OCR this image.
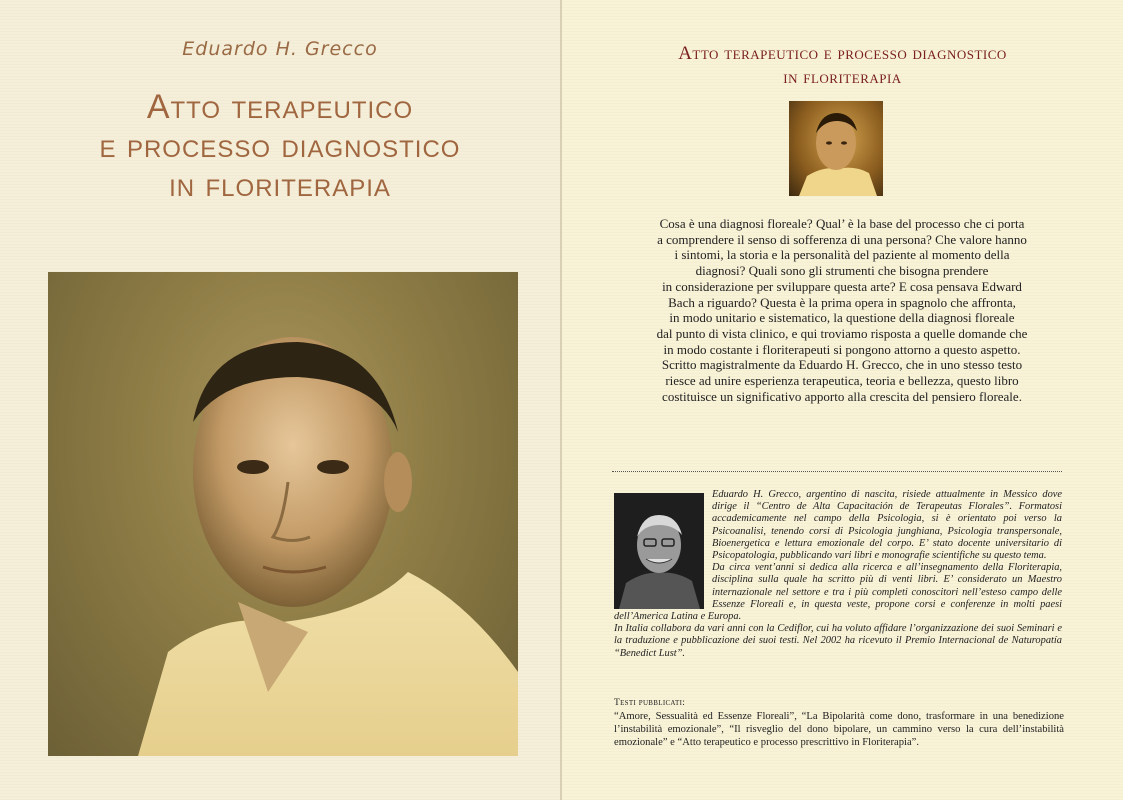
Eduardo H. Grecco
Atto terapeutico
e processo diagnostico
in floriterapia
Atto terapeutico e processo diagnostico
in floriterapia
Cosa è una diagnosi floreale? Qual’ è la base del processo che ci porta
a comprendere il senso di sofferenza di una persona? Che valore hanno
i sintomi, la storia e la personalità del paziente al momento della
diagnosi? Quali sono gli strumenti che bisogna prendere
in considerazione per sviluppare questa arte? E cosa pensava Edward
Bach a riguardo? Questa è la prima opera in spagnolo che affronta,
in modo unitario e sistematico, la questione della diagnosi floreale
dal punto di vista clinico, e qui troviamo risposta a quelle domande che
in modo costante i floriterapeuti si pongono attorno a questo aspetto.
Scritto magistralmente da Eduardo H. Grecco, che in uno stesso testo
riesce ad unire esperienza terapeutica, teoria e bellezza, questo libro
costituisce un significativo apporto alla crescita del pensiero floreale.

Eduardo H. Grecco, argentino di nascita, risiede attualmente in Messico dove dirige il “Centro de Alta Capacitación de Terapeutas Florales”. Formatosi accademicamente nel campo della Psicologia, si è orientato poi verso la Psicoanalisi, tenendo corsi di Psicologia junghiana, Psicologia transpersonale, Bioenergetica e lettura emozionale del corpo. E’ stato docente universitario di Psicopatologia, pubblicando vari libri e monografie scientifiche su questo tema.

Da circa vent’anni si dedica alla ricerca e all’insegnamento della Floriterapia, disciplina sulla quale ha scritto più di venti libri. E’ considerato un Maestro internazionale nel settore e tra i più completi conoscitori nell’esteso campo delle Essenze Floreali e, in questa veste, propone corsi e conferenze in molti paesi dell’America Latina e Europa.

In Italia collabora da vari anni con la Cediflor, cui ha voluto affidare l’organizzazione dei suoi Seminari e la traduzione e pubblicazione dei suoi testi. Nel 2002 ha ricevuto il Premio Internacional de Naturopatía “Benedict Lust”.

Testi pubblicati:
“Amore, Sessualità ed Essenze Floreali”, “La Bipolarità come dono, trasformare in una benedizione l’instabilità emozionale”, “Il risveglio del dono bipolare, un cammino verso la cura dell’instabilità emozionale” e “Atto terapeutico e processo prescrittivo in Floriterapia”.
